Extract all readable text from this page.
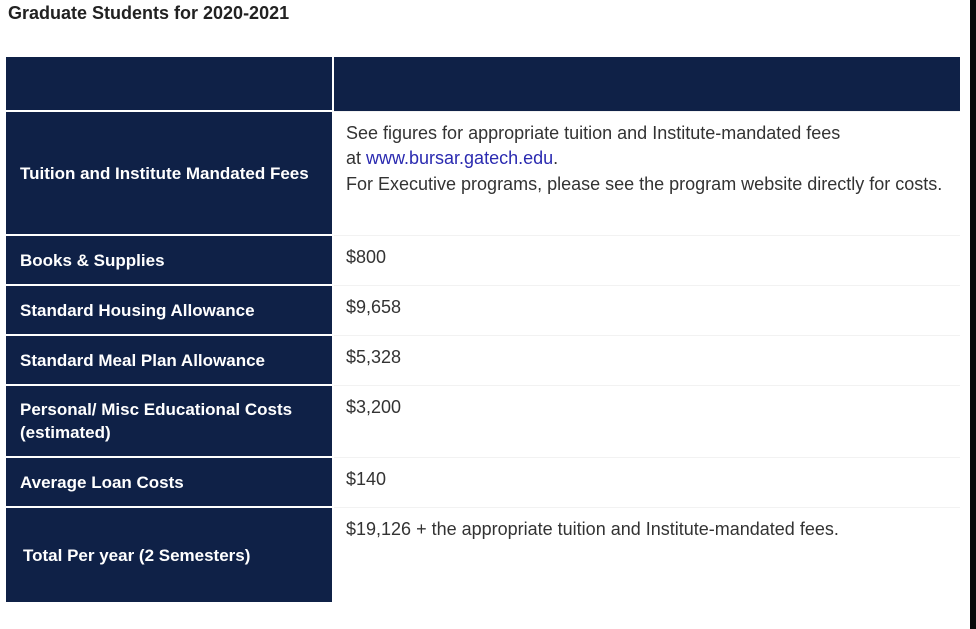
Graduate Students for 2020-2021

Tuition and Institute Mandated Fees	See figures for appropriate tuition and Institute-mandated fees
at www.bursar.gatech.edu.
For Executive programs, please see the program website directly for costs.
Books & Supplies	$800
Standard Housing Allowance	$9,658
Standard Meal Plan Allowance	$5,328
Personal/ Misc Educational Costs (estimated)	$3,200
Average Loan Costs	$140
Total Per year (2 Semesters)	$19,126 + the appropriate tuition and Institute-mandated fees.
